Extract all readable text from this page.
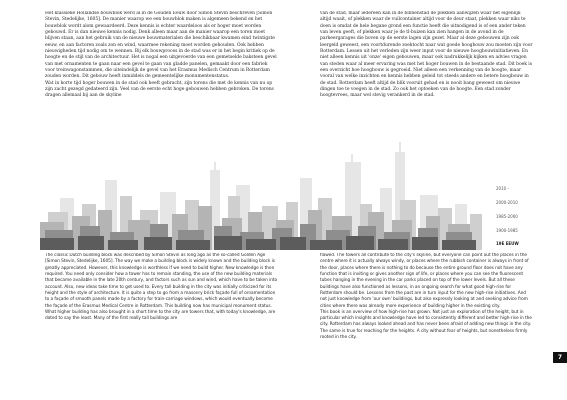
Het klassieke Hollandse bouwblok werd al in de Gouden Eeuw door Simon Stevin beschreven [Simon Stevin, Stedelijke, 1605]. De manier waarop we een bouwblok maken is algemeen bekend en het bouwblok wordt alom gewaardeerd. Deze kennis is echter waardeloos als er hoger moet worden gebouwd. Er is dan nieuwe kennis nodig. Denk alleen maar aan de manier waarop een toren moet blijven staan, aan het gebruik van de nieuwe bouwmaterialen die beschikbaar kwamen eind twintigste eeuw, en aan factoren zoals zon en wind, waarmee rekening moet worden gehouden. Ook hebben nieuwigheden tijd nodig om te wennen. Bij elk bouwproces in de stad was er in het begin kritiek op de hoogte en de stijl van de architectuur. Het is nogal een uitgevoerde van een gemetselde baksteen gevel van met ornamenten te gaan naar een gevel te gaan van gladde panelen, gemaakt door een fabriek voor treinwagonstammen, die uiteindelijk de gevel van het Erasmus Medisch Centrum in Rotterdam zouden worden. Dit gebouw heeft inmiddels de gemeentelijke monumentenstatus.
Wat in korte tijd hoger bouwen in de stad ook heeft gebracht, zijn torens die met de kennis van nu op zijn zacht gezegd gedateerd zijn. Veel van de eerste echt hoge gebouwen hebben gebroken. De torens dragen allemaal bij aan de skyline

van de stad, maar iedereen kan in de binnenstad de plekken aanwijzen waar het eigenlijk altijd waait, of plekken waar de vuilcontainer altijd voor de deur staat, plekken waar niks te doen is omdat de hele begane grond een functie heeft die uitnodigend is of een ander teken van leven geeft, of plekken waar je de tl-buizen kan zien hangen in de avond in de parkeergarages die boven op de eerste lagen zijn gezet. Maar al deze gebouwen zijn ook leergeld geweest, een voortdurende zoektocht naar wat goede hoogbouw zou moeten zijn voor Rotterdam. Lessen uit het verleden zijn weer input voor de nieuwe hoogbouwinitiatieven. En niet alleen kennis uit 'onze' eigen gebouwen, maar ook nadrukkelijk kijken en advies vragen van steden waar al meer ervaring was met het hoger bouwen in de bestaande stad. Dit boek is een overzicht hoe hoogbouw is gegroeid. Niet alleen een verkenning van de hoogte, maar vooral van welke inzichten en kennis hebben geleid tot steeds andere en betere hoogbouw in de stad. Rotterdam heeft altijd de blik vooruit gehad en is nooit bang geweest om nieuwe dingen toe te voegen in de stad. Zo ook het optoeken van de hoogte. Een stad zonder hoogtevrees, maar wel stevig verankerd in de stad.

2010 -
2000-2010
1985-2000
1900-1985
19E EEUW

The classic Dutch building block was described by Simon Stevin as long ago as the so-called Golden Age [Simon Stevin, Stedelijke, 1605]. The way we make a building block is widely known and the building block is greatly appreciated. However, this knowledge is worthless if we need to build higher. New knowledge is then required. You need only consider how a tower has to remain standing, the use of the new building materials that became available in the late 20th century, and factors such as sun and wind, which have to be taken into account. Also, new ideas take time to get used to. Every tall building in the city was initially criticized for its height and the style of architecture. It is quite a step to go from a masonry brick façade full of ornamentation to a façade of smooth panels made by a factory for train-carriage windows, which would eventually become the façade of the Erasmus Medical Centre in Rotterdam. This building now has municipal monument status.
What higher building has also brought in a short time to the city are towers that, with today's knowledge, are dated to say the least. Many of the first really tall buildings are

flawed. The towers all contribute to the city's skyline, but everyone can point out the places in the centre where it is actually always windy, or places where the rubbish container is always in front of the door, places where there is nothing to do because the entire ground floor does not have any function that is inviting or gives another sign of life, or places where you can see the fluorescent tubes hanging in the evening in the car parks placed on top of the lower levels. But all these buildings have also functioned as lessons, in an ongoing search for what good high-rise for Rotterdam should be. Lessons from the past are in turn input for the new high-rise initiatives. And not just knowledge from 'our own' buildings, but also expressly looking at and seeking advice from cities where there was already more experience of building higher in the existing city.
This book is an overview of how high-rise has grown. Not just an exploration of the height, but in particular which insights and knowledge have led to consistently different and better high-rise in the city. Rotterdam has always looked ahead and has never been afraid of adding new things in the city. The same is true for reaching for the heights. A city without fear of heights, but nonetheless firmly rooted in the city.

7
